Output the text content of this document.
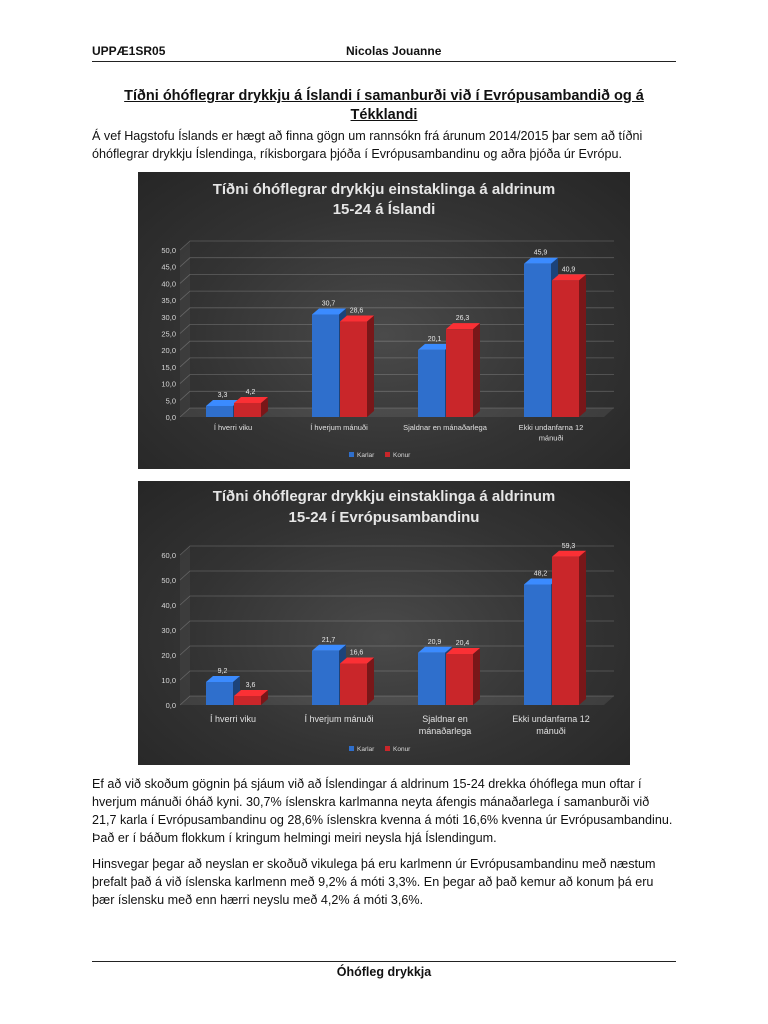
UPPÆ1SR05	Nicolas Jouanne
Tíðni óhóflegrar drykkju á Íslandi í samanburði við í Evrópusambandið og á Tékklandi

Á vef Hagstofu Íslands er hægt að finna gögn um rannsókn frá árunum 2014/2015 þar sem að tíðni óhóflegrar drykkju Íslendinga, ríkisborgara þjóða í Evrópusambandinu og aðra þjóða úr Evrópu.

Tíðni óhóflegrar drykkju einstaklinga á aldrinum
15-24 á Íslandi
0,0
5,0
10,0
15,0
20,0
25,0
30,0
35,0
40,0
45,0
50,0
3,3	4,2
Í hverri viku
30,7
28,6
Í hverjum mánuði
20,1
26,3
Sjaldnar en mánaðarlega
45,9
40,9
Ekki undanfarna 12
mánuði
Karlar	Konur
Tíðni óhóflegrar drykkju einstaklinga á aldrinum
15-24 í Evrópusambandinu
0,0
10,0
20,0
30,0
40,0
50,0
60,0
9,2
3,6
Í hverri viku
21,7
16,6
Í hverjum mánuði
20,9 20,4
Sjaldnar en
mánaðarlega
48,2
59,3
Ekki undanfarna 12
mánuði
Karlar	Konur

Ef að við skoðum gögnin þá sjáum við að Íslendingar á aldrinum 15-24 drekka óhóflega mun oftar í hverjum mánuði óháð kyni. 30,7% íslenskra karlmanna neyta áfengis mánaðarlega í samanburði við 21,7 karla í Evrópusambandinu og 28,6% íslenskra kvenna á móti 16,6% kvenna úr Evrópusambandinu. Það er í báðum flokkum í kringum helmingi meiri neysla hjá Íslendingum.

Hinsvegar þegar að neyslan er skoðuð vikulega þá eru karlmenn úr Evrópusambandinu með næstum þrefalt það á við íslenska karlmenn með 9,2% á móti 3,3%. En þegar að það kemur að konum þá eru þær íslensku með enn hærri neyslu með 4,2% á móti 3,6%.

Óhófleg drykkja
